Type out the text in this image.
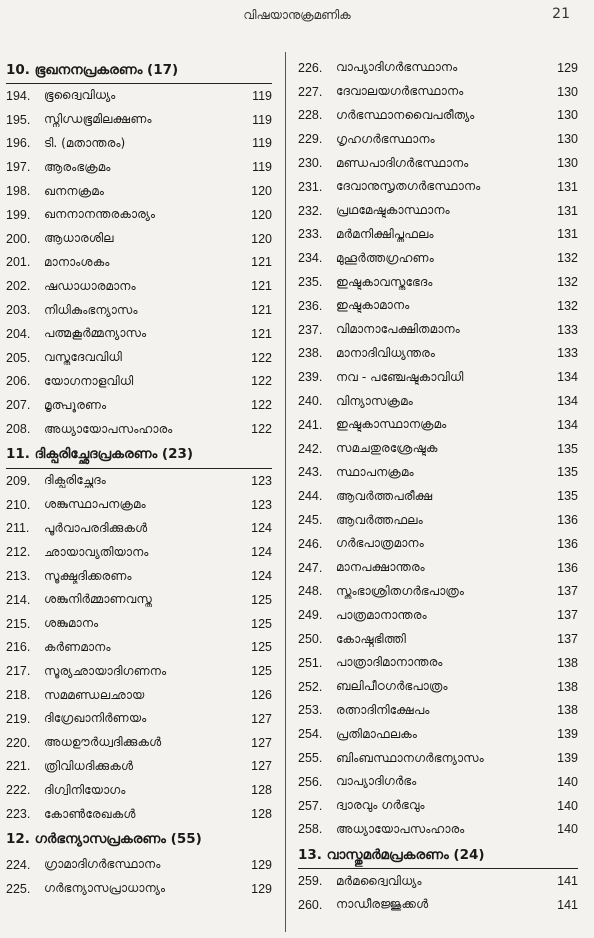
വിഷയാനുക്രമണിക	21
10. ഭൂഖനനപ്രകരണം (17)
194.	ഭൂദ്വൈവിധ്യം	119
195.	സ്നിഗ്ധഭൂമിലക്ഷണം	119
196.	ടി. (മതാന്തരം)	119
197.	ആരംഭക്രമം	119
198.	ഖനനക്രമം	120
199.	ഖനനാനന്തരകാര്യം	120
200.	ആധാരശില	120
201.	മാനാംശകം	121
202.	ഷഡാധാരമാനം	121
203.	നിധികുംഭന്യാസം	121
204.	പത്മകൂർമ്മന്യാസം	121
205.	വസ്തുദേവവിധി	122
206.	യോഗനാളവിധി	122
207.	മൃത്പൂരണം	122
208.	അധ്യായോപസംഹാരം	122
11. ദിക്പരിച്ഛേദപ്രകരണം (23)
209.	ദിക്പരിച്ഛേദം	123
210.	ശങ്കുസ്ഥാപനക്രമം	123
211.	പൂർവാപരദിക്കുകൾ	124
212.	ഛായാവ്യതിയാനം	124
213.	സൂക്ഷ്മദിക്കരണം	124
214.	ശങ്കുനിർമ്മാണവസ്തു	125
215.	ശങ്കുമാനം	125
216.	കർണമാനം	125
217.	സൂര്യഛായാദിഗണനം	125
218.	സമമണ്ഡലഛായ	126
219.	ദിഗ്രേഖാനിർണയം	127
220.	അധഊർധ്വദിക്കുകൾ	127
221.	ത്രിവിധദിക്കുകൾ	127
222.	ദിഗ്വിനിയോഗം	128
223.	കോൺരേഖകൾ	128
12. ഗർഭന്യാസപ്രകരണം (55)
224.	ഗ്രാമാദിഗർഭസ്ഥാനം	129
225.	ഗർഭന്യാസപ്രാധാന്യം	129
226.	വാപ്യാദിഗർഭസ്ഥാനം	129
227.	ദേവാലയഗർഭസ്ഥാനം	130
228.	ഗർഭസ്ഥാനവൈപരീത്യം	130
229.	ഗൃഹഗർഭസ്ഥാനം	130
230.	മണ്ഡപാദിഗർഭസ്ഥാനം	130
231.	ദേവാനുസൃതഗർഭസ്ഥാനം	131
232.	പ്രഥമേഷ്ടകാസ്ഥാനം	131
233.	മർമനിക്ഷിപ്തഫലം	131
234.	മുഹൂർത്തഗ്രഹണം	132
235.	ഇഷ്ടകാവസ്തുഭേദം	132
236.	ഇഷ്ടകാമാനം	132
237.	വിമാനാപേക്ഷിതമാനം	133
238.	മാനാദിവിധ്യന്തരം	133
239.	നവ - പഞ്ചേഷ്ടകാവിധി	134
240.	വിന്യാസക്രമം	134
241.	ഇഷ്ടകാസ്ഥാനക്രമം	134
242.	സമചതുരശ്രേഷ്ടക	135
243.	സ്ഥാപനക്രമം	135
244.	ആവർത്തപരീക്ഷ	135
245.	ആവർത്തഫലം	136
246.	ഗർഭപാത്രമാനം	136
247.	മാനപക്ഷാന്തരം	136
248.	സ്തംഭാശ്രിതഗർഭപാത്രം	137
249.	പാത്രമാനാന്തരം	137
250.	കോഷ്ഠഭിത്തി	137
251.	പാത്രാദിമാനാന്തരം	138
252.	ബലിപീഠഗർഭപാത്രം	138
253.	രത്നാദിനിക്ഷേപം	138
254.	പ്രതിമാഫലകം	139
255.	ബിംബസ്ഥാനഗർഭന്യാസം	139
256.	വാപ്യാദിഗർഭം	140
257.	ദ്വാരവും ഗർഭവും	140
258.	അധ്യായോപസംഹാരം	140
13. വാസ്തുമർമപ്രകരണം (24)
259.	മർമദ്വൈവിധ്യം	141
260.	നാഡീരജ്ജുക്കൾ	141
